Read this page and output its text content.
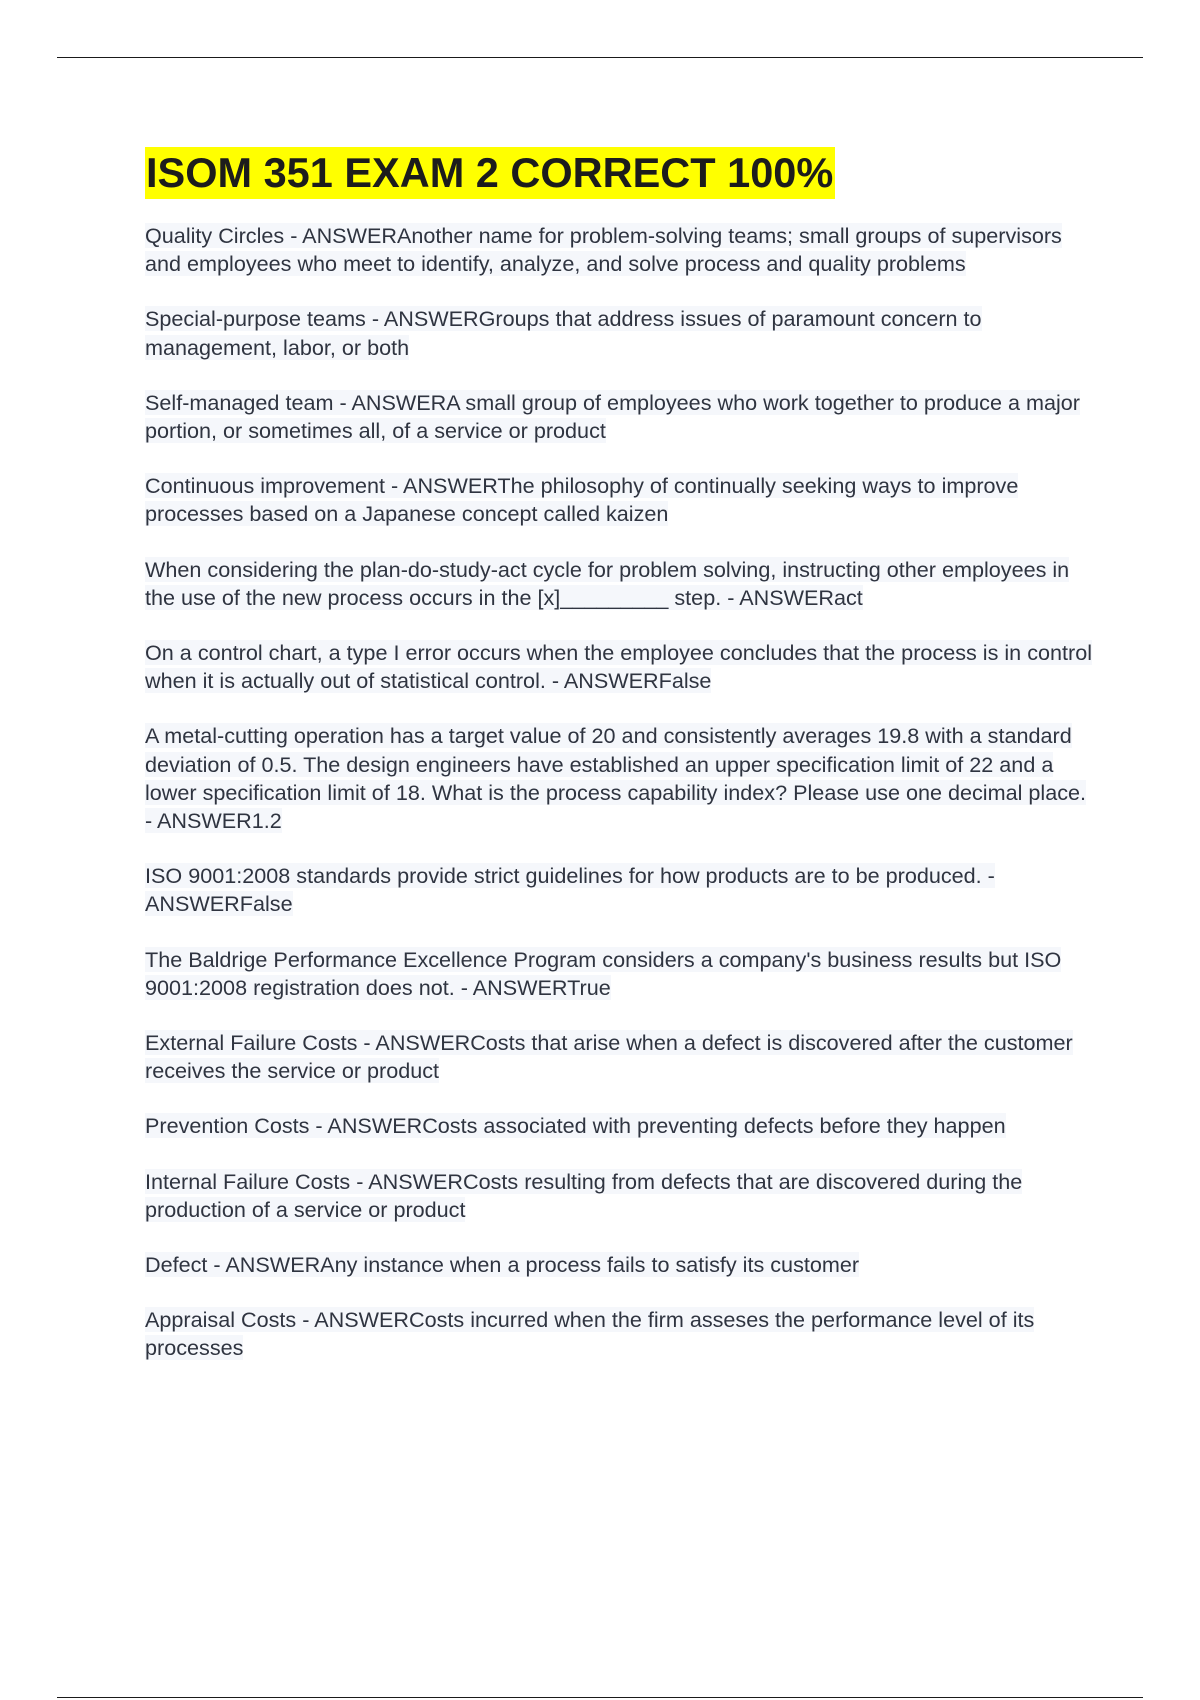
ISOM 351 EXAM 2 CORRECT 100%
Quality Circles - ANSWERAnother name for problem-solving teams; small groups of supervisors and employees who meet to identify, analyze, and solve process and quality problems
Special-purpose teams - ANSWERGroups that address issues of paramount concern to management, labor, or both
Self-managed team - ANSWERA small group of employees who work together to produce a major portion, or sometimes all, of a service or product
Continuous improvement - ANSWERThe philosophy of continually seeking ways to improve processes based on a Japanese concept called kaizen
When considering the plan-do-study-act cycle for problem solving, instructing other employees in the use of the new process occurs in the [x]_________ step. - ANSWERact
On a control chart, a type I error occurs when the employee concludes that the process is in control when it is actually out of statistical control. - ANSWERFalse
A metal-cutting operation has a target value of 20 and consistently averages 19.8 with a standard deviation of 0.5. The design engineers have established an upper specification limit of 22 and a lower specification limit of 18. What is the process capability index? Please use one decimal place. - ANSWER1.2
ISO 9001:2008 standards provide strict guidelines for how products are to be produced. - ANSWERFalse
The Baldrige Performance Excellence Program considers a company's business results but ISO 9001:2008 registration does not. - ANSWERTrue
External Failure Costs - ANSWERCosts that arise when a defect is discovered after the customer receives the service or product
Prevention Costs - ANSWERCosts associated with preventing defects before they happen
Internal Failure Costs - ANSWERCosts resulting from defects that are discovered during the production of a service or product
Defect - ANSWERAny instance when a process fails to satisfy its customer
Appraisal Costs - ANSWERCosts incurred when the firm asseses the performance level of its processes
